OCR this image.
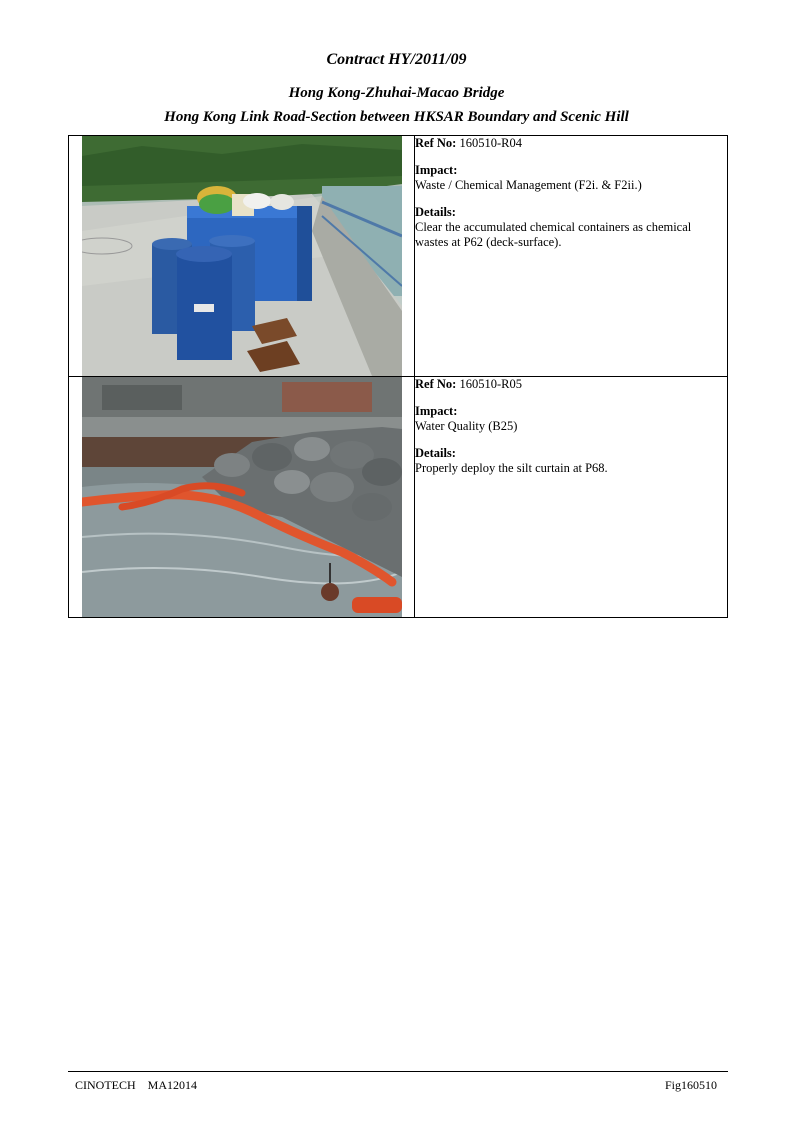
Contract HY/2011/09
Hong Kong-Zhuhai-Macao Bridge
Hong Kong Link Road-Section between HKSAR Boundary and Scenic Hill

Ref No: 160510-R04
Impact:
Waste / Chemical Management (F2i. & F2ii.)
Details:
Clear the accumulated chemical containers as chemical wastes at P62 (deck-surface).

Ref No: 160510-R05
Impact:
Water Quality (B25)
Details:
Properly deploy the silt curtain at P68.
CINOTECH    MA12014	Fig160510
